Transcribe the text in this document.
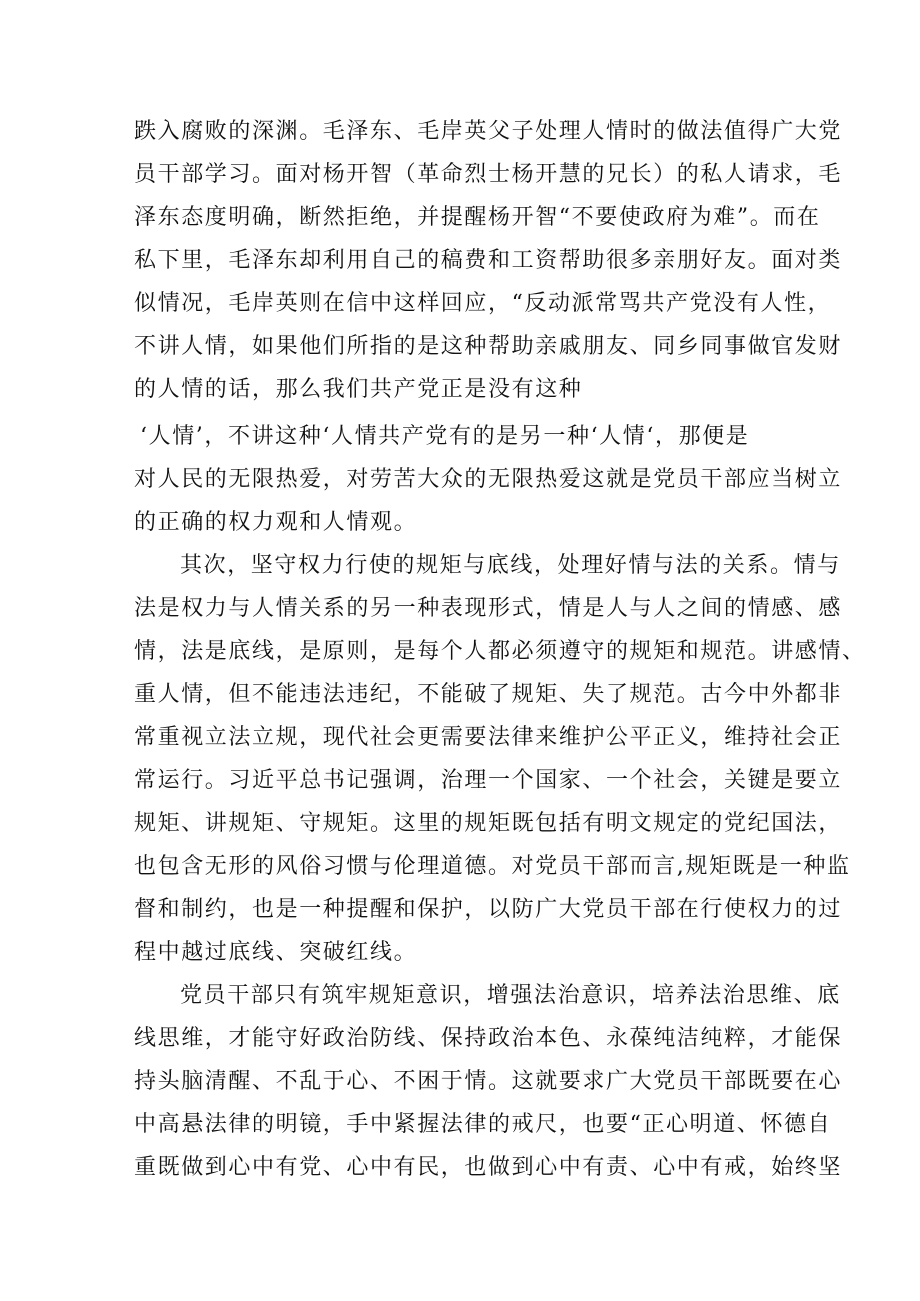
跌入腐败的深渊。毛泽东、毛岸英父子处理人情时的做法值得广大党

员干部学习。面对杨开智（革命烈士杨开慧的兄长）的私人请求，毛

泽东态度明确，断然拒绝，并提醒杨开智“不要使政府为难”。而在

私下里，毛泽东却利用自己的稿费和工资帮助很多亲朋好友。面对类

似情况，毛岸英则在信中这样回应，“反动派常骂共产党没有人性，

不讲人情，如果他们所指的是这种帮助亲戚朋友、同乡同事做官发财

的人情的话，那么我们共产党正是没有这种

‘人情’，不讲这种‘人情共产党有的是另一种‘人情‘，那便是

对人民的无限热爱，对劳苦大众的无限热爱这就是党员干部应当树立

的正确的权力观和人情观。

其次，坚守权力行使的规矩与底线，处理好情与法的关系。情与

法是权力与人情关系的另一种表现形式，情是人与人之间的情感、感

情，法是底线，是原则，是每个人都必须遵守的规矩和规范。讲感情、

重人情，但不能违法违纪，不能破了规矩、失了规范。古今中外都非

常重视立法立规，现代社会更需要法律来维护公平正义，维持社会正

常运行。习近平总书记强调，治理一个国家、一个社会，关键是要立

规矩、讲规矩、守规矩。这里的规矩既包括有明文规定的党纪国法，

也包含无形的风俗习惯与伦理道德。对党员干部而言,规矩既是一种监

督和制约，也是一种提醒和保护，以防广大党员干部在行使权力的过

程中越过底线、突破红线。

党员干部只有筑牢规矩意识，增强法治意识，培养法治思维、底

线思维，才能守好政治防线、保持政治本色、永葆纯洁纯粹，才能保

持头脑清醒、不乱于心、不困于情。这就要求广大党员干部既要在心

中高悬法律的明镜，手中紧握法律的戒尺，也要“正心明道、怀德自

重既做到心中有党、心中有民，也做到心中有责、心中有戒，始终坚
